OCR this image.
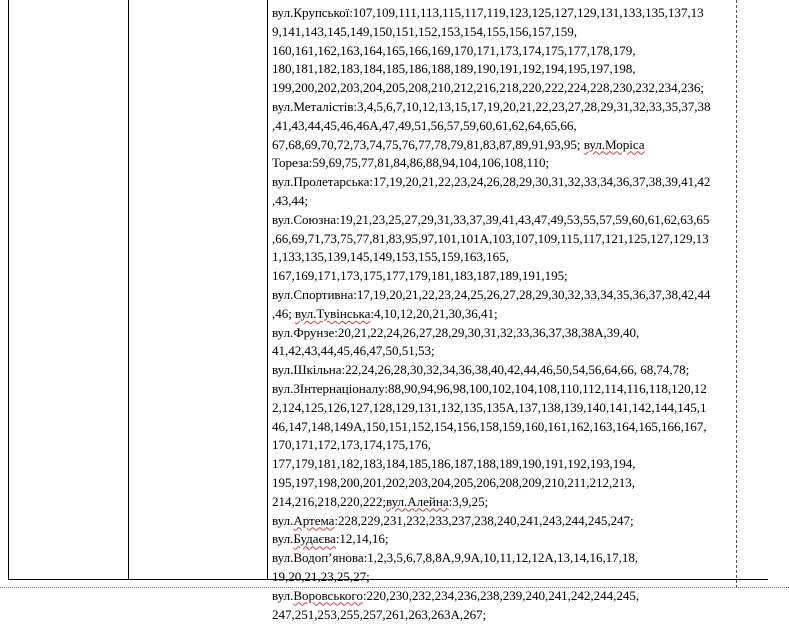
вул.Крупської:107,109,111,113,115,117,119,123,125,127,129,131,133,135,137,13
9,141,143,145,149,150,151,152,153,154,155,156,157,159,
160,161,162,163,164,165,166,169,170,171,173,174,175,177,178,179,
180,181,182,183,184,185,186,188,189,190,191,192,194,195,197,198,
199,200,202,203,204,205,208,210,212,216,218,220,222,224,228,230,232,234,236;
вул.Металістів:3,4,5,6,7,10,12,13,15,17,19,20,21,22,23,27,28,29,31,32,33,35,37,38
,41,43,44,45,46,46А,47,49,51,56,57,59,60,61,62,64,65,66,
67,68,69,70,72,73,74,75,76,77,78,79,81,83,87,89,91,93,95; вул.Моріса
Тореза:59,69,75,77,81,84,86,88,94,104,106,108,110;
вул.Пролетарська:17,19,20,21,22,23,24,26,28,29,30,31,32,33,34,36,37,38,39,41,42
,43,44;
вул.Союзна:19,21,23,25,27,29,31,33,37,39,41,43,47,49,53,55,57,59,60,61,62,63,65
,66,69,71,73,75,77,81,83,95,97,101,101А,103,107,109,115,117,121,125,127,129,13
1,133,135,139,145,149,153,155,159,163,165,
167,169,171,173,175,177,179,181,183,187,189,191,195;
вул.Спортивна:17,19,20,21,22,23,24,25,26,27,28,29,30,32,33,34,35,36,37,38,42,44
,46; вул.Тувінська:4,10,12,20,21,30,36,41;
вул.Фрунзе:20,21,22,24,26,27,28,29,30,31,32,33,36,37,38,38А,39,40,
41,42,43,44,45,46,47,50,51,53;
вул.Шкільна:22,24,26,28,30,32,34,36,38,40,42,44,46,50,54,56,64,66, 68,74,78;
вул.3Інтернаціоналу:88,90,94,96,98,100,102,104,108,110,112,114,116,118,120,12
2,124,125,126,127,128,129,131,132,135,135А,137,138,139,140,141,142,144,145,1
46,147,148,149А,150,151,152,154,156,158,159,160,161,162,163,164,165,166,167,
170,171,172,173,174,175,176,
177,179,181,182,183,184,185,186,187,188,189,190,191,192,193,194,
195,197,198,200,201,202,203,204,205,206,208,209,210,211,212,213,
214,216,218,220,222;вул.Алейна:3,9,25;
вул.Артема:228,229,231,232,233,237,238,240,241,243,244,245,247;
вул.Будаєва:12,14,16;
вул.Водоп’янова:1,2,3,5,6,7,8,8А,9,9А,10,11,12,12А,13,14,16,17,18,
19,20,21,23,25,27;
вул.Воровського:220,230,232,234,236,238,239,240,241,242,244,245,
247,251,253,255,257,261,263,263А,267;
